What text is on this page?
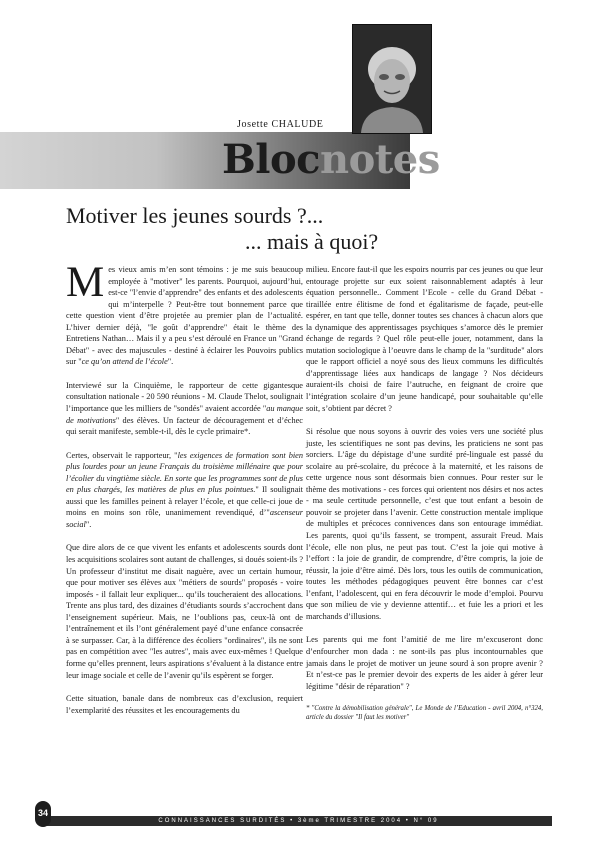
Josette CHALUDE
Blocnotes
Motiver les jeunes sourds ?...
... mais à quoi?

Mes vieux amis m’en sont témoins : je me suis beaucoup employée à "motiver" les parents. Pourquoi, aujourd’hui, est-ce "l’envie d’apprendre" des enfants et des adolescents qui m’interpelle ? Peut-être tout bonnement parce que cette question vient d’être projetée au premier plan de l’actualité. L’hiver dernier déjà, "le goût d’apprendre" était le thème des Entretiens Nathan… Mais il y a peu s’est déroulé en France un "Grand Débat" - avec des majuscules - destiné à éclairer les Pouvoirs publics sur "ce qu’on attend de l’école".

Interviewé sur la Cinquième, le rapporteur de cette gigantesque consultation nationale - 20 590 réunions - M. Claude Thelot, soulignait l’importance que les milliers de "sondés" avaient accordée "au manque de motivations" des élèves. Un facteur de découragement et d’échec qui serait manifeste, semble-t-il, dès le cycle primaire*.

Certes, observait le rapporteur, "les exigences de formation sont bien plus lourdes pour un jeune Français du troisième millénaire que pour l’écolier du vingtième siècle. En sorte que les programmes sont de plus en plus chargés, les matières de plus en plus pointues." Il soulignait aussi que les familles peinent à relayer l’école, et que celle-ci joue de moins en moins son rôle, unanimement revendiqué, d’"ascenseur social".

Que dire alors de ce que vivent les enfants et adolescents sourds dont les acquisitions scolaires sont autant de challenges, si doués soient-ils ? Un professeur d’institut me disait naguère, avec un certain humour, que pour motiver ses élèves aux "métiers de sourds" proposés - voire imposés - il fallait leur expliquer... qu’ils toucheraient des allocations. Trente ans plus tard, des dizaines d’étudiants sourds s’accrochent dans l’enseignement supérieur. Mais, ne l’oublions pas, ceux-là ont de l’entraînement et ils l’ont généralement payé d’une enfance consacrée à se surpasser. Car, à la différence des écoliers "ordinaires", ils ne sont pas en compétition avec "les autres", mais avec eux-mêmes ! Quelque forme qu’elles prennent, leurs aspirations s’évaluent à la distance entre leur image sociale et celle de l’avenir qu’ils espèrent se forger.

Cette situation, banale dans de nombreux cas d’exclusion, requiert l’exemplarité des réussites et les encouragements du

milieu. Encore faut-il que les espoirs nourris par ces jeunes ou que leur entourage projette sur eux soient raisonnablement adaptés à leur équation personnelle.. Comment l’Ecole - celle du Grand Débat - tiraillée entre élitisme de fond et égalitarisme de façade, peut-elle espérer, en tant que telle, donner toutes ses chances à chacun alors que la dynamique des apprentissages psychiques s’amorce dès le premier échange de regards ? Quel rôle peut-elle jouer, notamment, dans la mutation sociologique à l’oeuvre dans le champ de la "surditude" alors que le rapport officiel a noyé sous des lieux communs les difficultés d’apprentissage liées aux handicaps de langage ? Nos décideurs auraient-ils choisi de faire l’autruche, en feignant de croire que l’intégration scolaire d’un jeune handicapé, pour souhaitable qu’elle soit, s’obtient par décret ?

Si résolue que nous soyons à ouvrir des voies vers une société plus juste, les scientifiques ne sont pas devins, les praticiens ne sont pas sorciers. L’âge du dépistage d’une surdité pré-linguale est passé du scolaire au pré-scolaire, du précoce à la maternité, et les raisons de cette urgence nous sont désormais bien connues. Pour rester sur le thème des motivations - ces forces qui orientent nos désirs et nos actes - ma seule certitude personnelle, c’est que tout enfant a besoin de pouvoir se projeter dans l’avenir. Cette construction mentale implique de multiples et précoces connivences dans son entourage immédiat. Les parents, quoi qu’ils fassent, se trompent, assurait Freud. Mais l’école, elle non plus, ne peut pas tout. C’est la joie qui motive à l’effort : la joie de grandir, de comprendre, d’être compris, la joie de réussir, la joie d’être aimé. Dès lors, tous les outils de communication, toutes les méthodes pédagogiques peuvent être bonnes car c’est l’enfant, l’adolescent, qui en fera découvrir le mode d’emploi. Pourvu que son milieu de vie y devienne attentif… et fuie les a priori et les marchands d’illusions.

Les parents qui me font l’amitié de me lire m’excuseront donc d’enfourcher mon dada : ne sont-ils pas plus incontournables que jamais dans le projet de motiver un jeune sourd à son propre avenir ? Et n’est-ce pas le premier devoir des experts de les aider à gérer leur légitime "désir de réparation" ?

* "Contre la démobilisation générale", Le Monde de l’Education - avril 2004, n°324, article du dossier "Il faut les motiver"
CONNAISSANCES SURDITÉS • 3ème TRIMESTRE 2004 • N° 09
34
